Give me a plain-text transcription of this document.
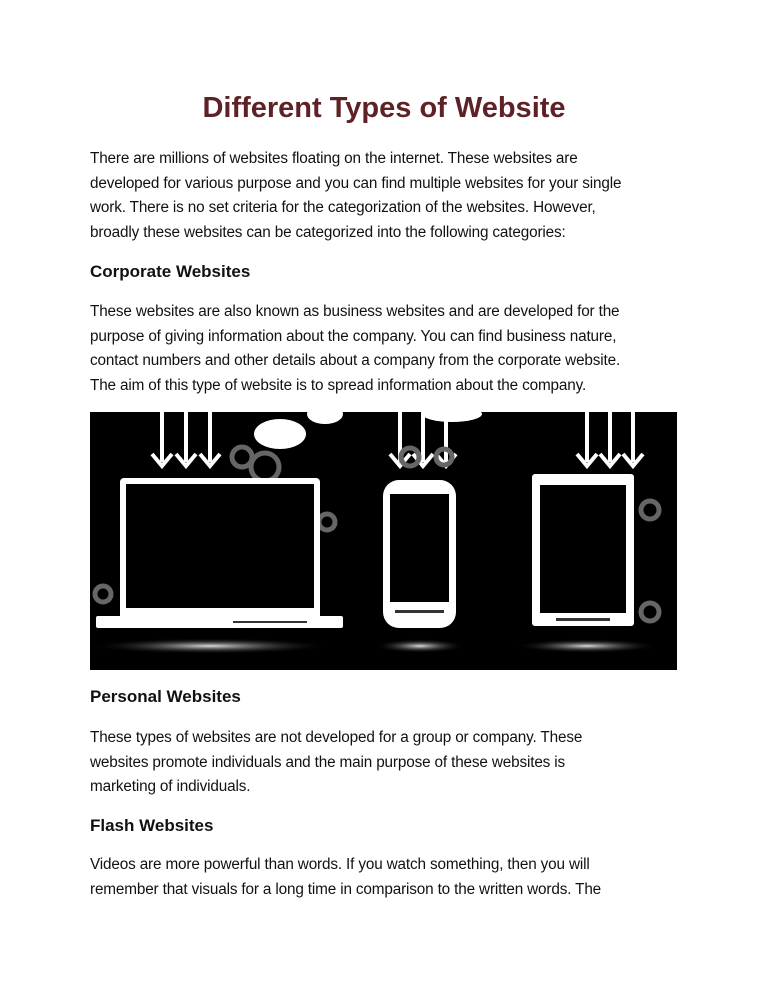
Different Types of Website
There are millions of websites floating on the internet. These websites are
developed for various purpose and you can find multiple websites for your single
work. There is no set criteria for the categorization of the websites. However,
broadly these websites can be categorized into the following categories:
Corporate Websites
These websites are also known as business websites and are developed for the
purpose of giving information about the company. You can find business nature,
contact numbers and other details about a company from the corporate website.
The aim of this type of website is to spread information about the company.
Personal Websites
These types of websites are not developed for a group or company. These
websites promote individuals and the main purpose of these websites is
marketing of individuals.
Flash Websites
Videos are more powerful than words. If you watch something, then you will
remember that visuals for a long time in comparison to the written words. The
